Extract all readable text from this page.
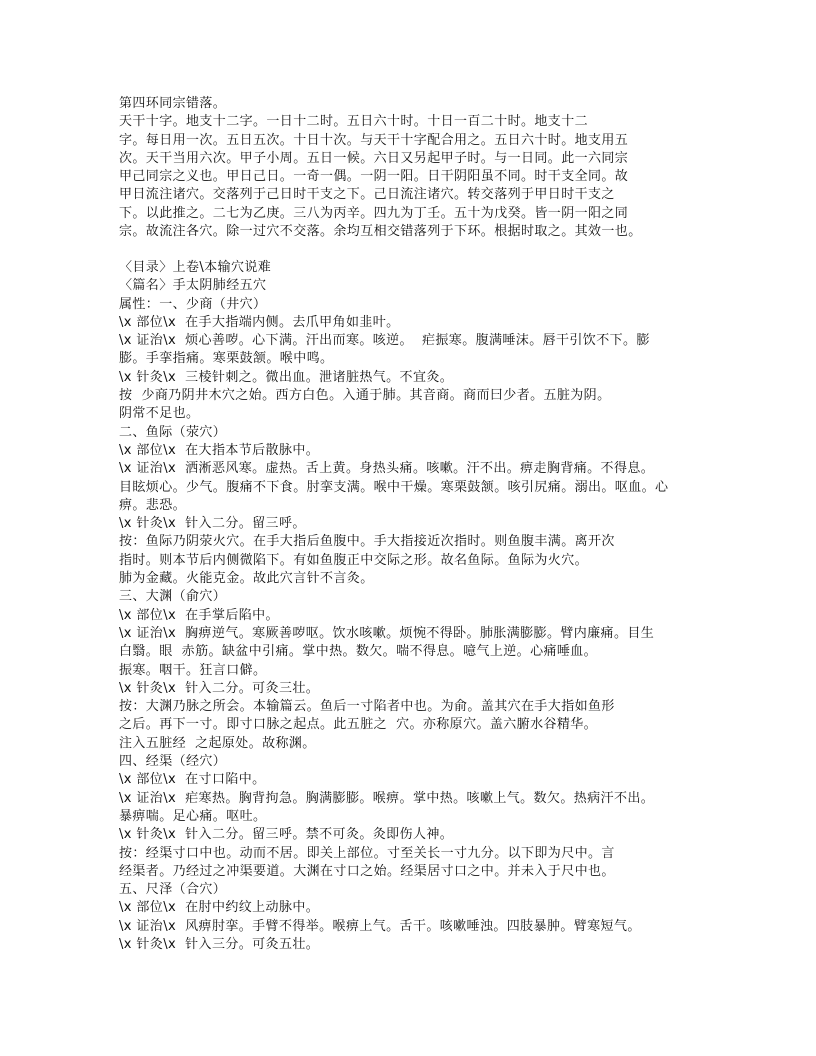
第四环同宗错落。
天干十字。地支十二字。一日十二时。五日六十时。十日一百二十时。地支十二
字。每日用一次。五日五次。十日十次。与天干十字配合用之。五日六十时。地支用五
次。天干当用六次。甲子小周。五日一候。六日又另起甲子时。与一日同。此一六同宗
甲己同宗之义也。甲日己日。一奇一偶。一阴一阳。日干阴阳虽不同。时干支全同。故
甲日流注诸穴。交落列于己日时干支之下。己日流注诸穴。转交落列于甲日时干支之
下。以此推之。二七为乙庚。三八为丙辛。四九为丁壬。五十为戊癸。皆一阴一阳之同
宗。故流注各穴。除一过穴不交落。余均互相交错落列于下环。根据时取之。其效一也。
〈目录〉上卷\本输穴说难
〈篇名〉手太阴肺经五穴
属性：一、少商（井穴）
\x 部位\x  在手大指端内侧。去爪甲角如韭叶。
\x 证治\x  烦心善哕。心下满。汗出而寒。咳逆。  疟振寒。腹满唾沫。唇干引饮不下。膨
膨。手挛指痛。寒栗鼓颔。喉中鸣。
\x 针灸\x  三棱针刺之。微出血。泄诸脏热气。不宜灸。
按  少商乃阴井木穴之始。西方白色。入通于肺。其音商。商而曰少者。五脏为阴。
阴常不足也。
二、鱼际（荥穴）
\x 部位\x  在大指本节后散脉中。
\x 证治\x  洒淅恶风寒。虚热。舌上黄。身热头痛。咳嗽。汗不出。痹走胸背痛。不得息。
目眩烦心。少气。腹痛不下食。肘挛支满。喉中干燥。寒栗鼓颔。咳引尻痛。溺出。呕血。心
痹。悲恐。
\x 针灸\x  针入二分。留三呼。
按：鱼际乃阴荥火穴。在手大指后鱼腹中。手大指接近次指时。则鱼腹丰满。离开次
指时。则本节后内侧微陷下。有如鱼腹正中交际之形。故名鱼际。鱼际为火穴。
肺为金藏。火能克金。故此穴言针不言灸。
三、大渊（俞穴）
\x 部位\x  在手掌后陷中。
\x 证治\x  胸痹逆气。寒厥善哕呕。饮水咳嗽。烦惋不得卧。肺胀满膨膨。臂内廉痛。目生
白翳。眼  赤筋。缺盆中引痛。掌中热。数欠。喘不得息。噫气上逆。心痛唾血。
振寒。咽干。狂言口僻。
\x 针灸\x  针入二分。可灸三壮。
按：大渊乃脉之所会。本输篇云。鱼后一寸陷者中也。为俞。盖其穴在手大指如鱼形
之后。再下一寸。即寸口脉之起点。此五脏之  穴。亦称原穴。盖六腑水谷精华。
注入五脏经  之起原处。故称渊。
四、经渠（经穴）
\x 部位\x  在寸口陷中。
\x 证治\x  疟寒热。胸背拘急。胸满膨膨。喉痹。掌中热。咳嗽上气。数欠。热病汗不出。
暴痹喘。足心痛。呕吐。
\x 针灸\x  针入二分。留三呼。禁不可灸。灸即伤人神。
按：经渠寸口中也。动而不居。即关上部位。寸至关长一寸九分。以下即为尺中。言
经渠者。乃经过之冲渠要道。大渊在寸口之始。经渠居寸口之中。并未入于尺中也。
五、尺泽（合穴）
\x 部位\x  在肘中约纹上动脉中。
\x 证治\x  风痹肘挛。手臂不得举。喉痹上气。舌干。咳嗽唾浊。四肢暴肿。臂寒短气。
\x 针灸\x  针入三分。可灸五壮。
